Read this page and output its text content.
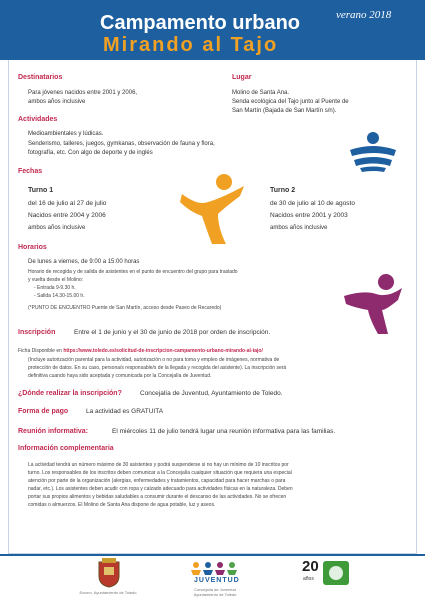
Campamento urbano	verano 2018
Mirando al Tajo
Destinatarios
Para jóvenes nacidos entre 2001 y 2006,
ambos años inclusive
Lugar
Molino de Santa Ana.
Senda ecológica del Tajo junto al Puente de
San Martín (Bajada de San Martín s/n).
Actividades
Medioambientales y lúdicas.
Senderismo, talleres, juegos, gymkanas, observación de fauna y flora,
fotografía, etc. Con algo de deporte y de inglés
Fechas
Turno 1
del 16 de julio al 27 de julio
Nacidos entre 2004 y 2006
ambos años inclusive
Turno 2
de 30 de julio al 10 de agosto
Nacidos entre 2001 y 2003
ambos años inclusive
Horarios
De lunes a viernes, de 9:00 a 15:00 horas
Horario de recogida y de salida de asistentes en el punto de encuentro del grupo para traslado
y vuelta desde el Molino:
- Entrada 9-9.30 h.
- Salida 14.30-15.00 h.
(*PUNTO DE ENCUENTRO Puente de San Martín, acceso desde Paseo de Recaredo)
Inscripción	Entre el 1 de junio y el 30 de junio de 2018 por orden de inscripción.
Ficha Disponible en https://www.toledo.es/solicitud-de-inscripcion-campamento-urbano-mirando-al-tajo/
(Incluye autorización parental para la actividad, autorización o no para toma y empleo de imágenes, normativa de
protección de datos. En su caso, persona/s responsable/s de la llegada y recogida del asistente). La inscripción será
definitiva cuando haya sido aceptada y comunicada por la Concejalía de Juventud.
¿Dónde realizar la inscripción?	Concejalía de Juventud, Ayuntamiento de Toledo.
Forma de pago	La actividad es GRATUITA
Reunión informativa:	El miércoles 11 de julio tendrá lugar una reunión informativa para las familias.
Información complementaria
La actividad tendrá un número máximo de 30 asistentes y podrá suspenderse si no hay un mínimo de 10 inscritos por
turno. Los responsables de los inscritos deben comunicar a la Concejalía cualquier situación que requiera una especial
atención por parte de la organización (alergias, enfermedades y tratamientos, capacidad para hacer marchas o para
nadar, etc.). Los asistentes deben acudir con ropa y calzado adecuado para actividades físicas en la naturaleza. Deben
portar sus propios alimentos y bebidas saludables a consumir durante el descanso de las actividades. No se ofrecen
comidas o almuerzos. El Molino de Santa Ana dispone de agua potable, luz y aseos.
Excmo. Ayuntamiento de Toledo
JUVENTUD
Concejalía de Juventud Ayuntamiento de Toledo
20
años
